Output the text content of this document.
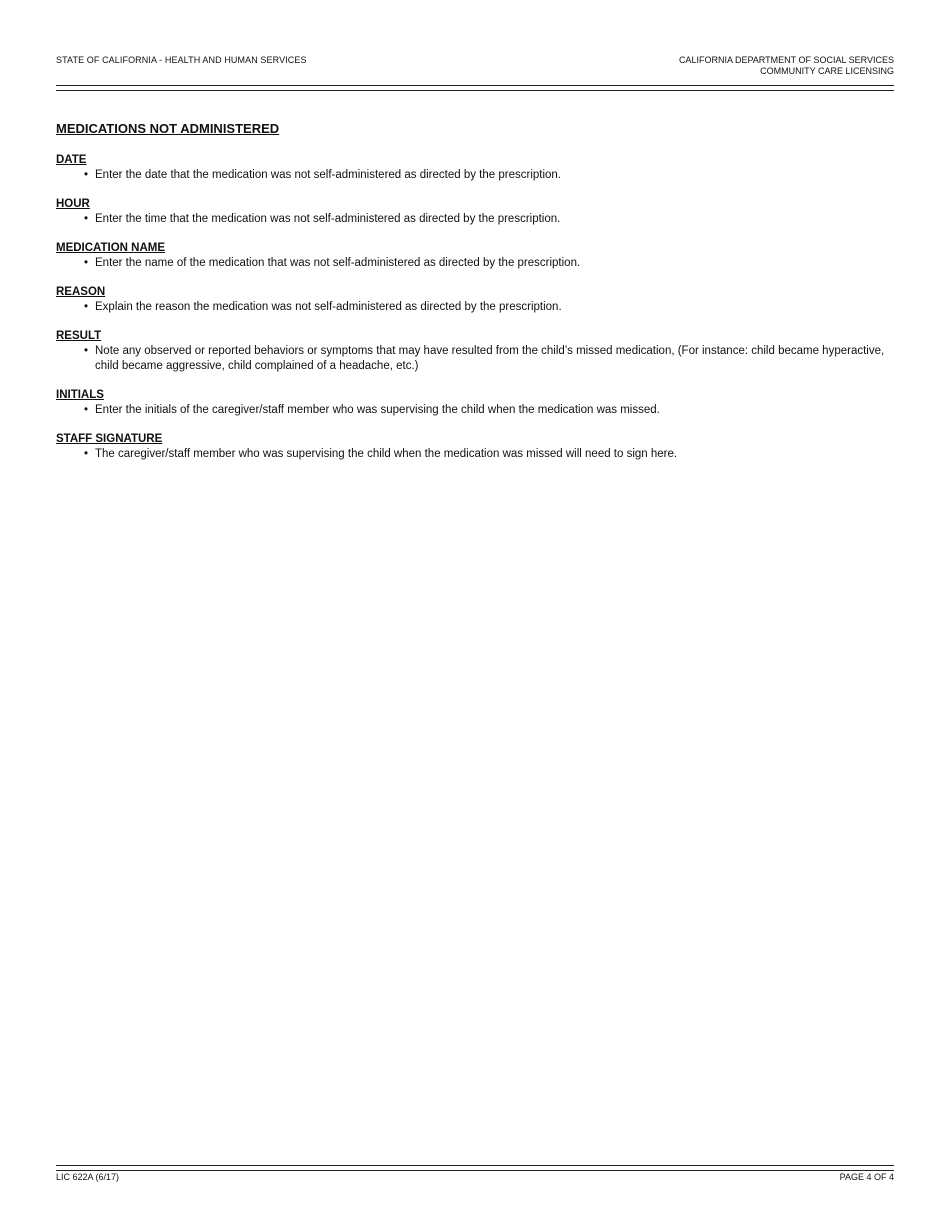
STATE OF CALIFORNIA - HEALTH AND HUMAN SERVICES	CALIFORNIA DEPARTMENT OF SOCIAL SERVICES
COMMUNITY CARE LICENSING
MEDICATIONS NOT ADMINISTERED
DATE
• Enter the date that the medication was not self-administered as directed by the prescription.
HOUR
• Enter the time that the medication was not self-administered as directed by the prescription.
MEDICATION NAME
• Enter the name of the medication that was not self-administered as directed by the prescription.
REASON
• Explain the reason the medication was not self-administered as directed by the prescription.
RESULT
• Note any observed or reported behaviors or symptoms that may have resulted from the child’s missed medication, (For instance: child became hyperactive, child became aggressive, child complained of a headache, etc.)
INITIALS
• Enter the initials of the caregiver/staff member who was supervising the child when the medication was missed.
STAFF SIGNATURE
• The caregiver/staff member who was supervising the child when the medication was missed will need to sign here.
LIC 622A (6/17)	PAGE 4 OF 4
